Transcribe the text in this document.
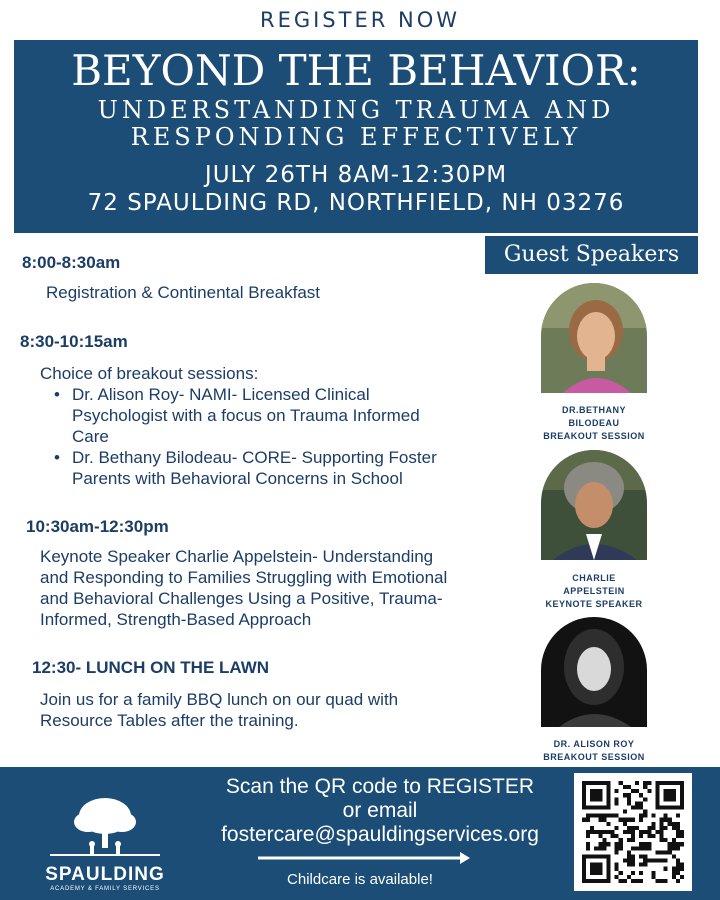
REGISTER NOW
BEYOND THE BEHAVIOR:
UNDERSTANDING TRAUMA AND
RESPONDING EFFECTIVELY
JULY 26TH 8AM-12:30PM
72 SPAULDING RD, NORTHFIELD, NH 03276
8:00-8:30am
Registration & Continental Breakfast
8:30-10:15am
Choice of breakout sessions:
• Dr. Alison Roy- NAMI- Licensed Clinical
Psychologist with a focus on Trauma Informed
Care
• Dr. Bethany Bilodeau- CORE- Supporting Foster
Parents with Behavioral Concerns in School
10:30am-12:30pm
Keynote Speaker Charlie Appelstein- Understanding
and Responding to Families Struggling with Emotional
and Behavioral Challenges Using a Positive, Trauma-
Informed, Strength-Based Approach
12:30- LUNCH ON THE LAWN
Join us for a family BBQ lunch on our quad with
Resource Tables after the training.
Guest Speakers
DR.BETHANY
BILODEAU
BREAKOUT SESSION
CHARLIE
APPELSTEIN
KEYNOTE SPEAKER
DR. ALISON ROY
BREAKOUT SESSION
SPAULDING
ACADEMY & FAMILY SERVICES
Scan the QR code to REGISTER
or email
fostercare@spauldingservices.org
Childcare is available!
